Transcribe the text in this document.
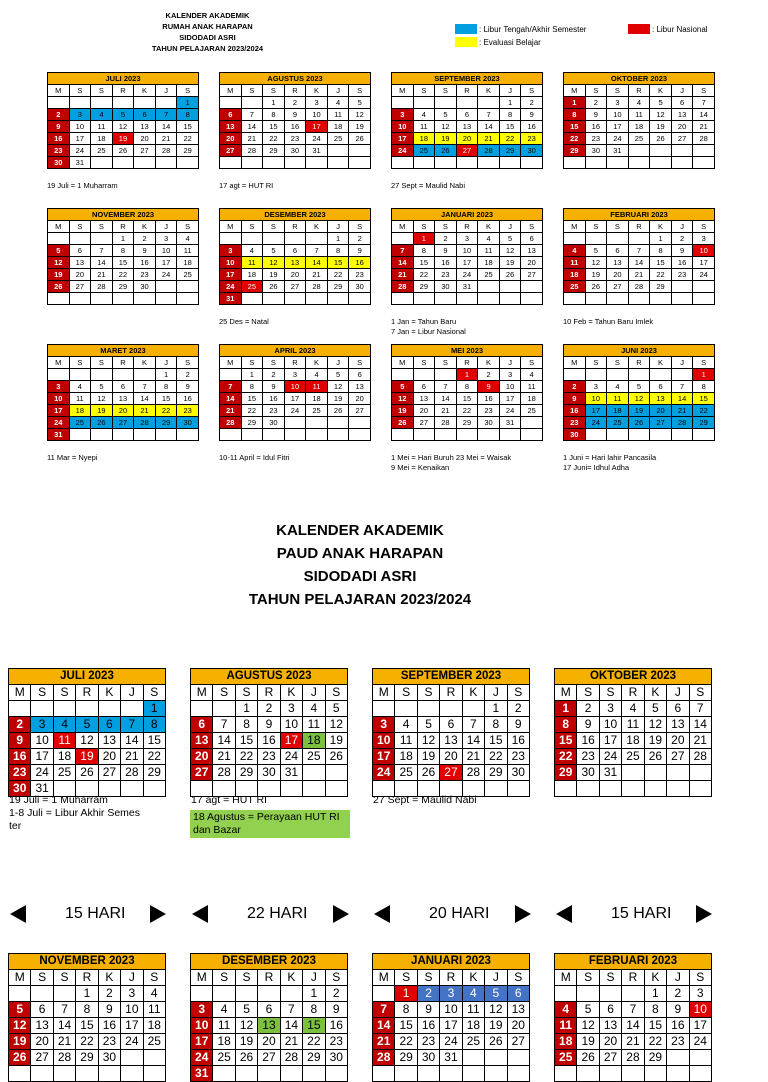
KALENDER AKADEMIK
RUMAH ANAK HARAPAN
SIDODADI ASRI
TAHUN PELAJARAN 2023/2024
: Libur Tengah/Akhir Semester
: Evaluasi Belajar
: Libur Nasional
JULI 2023						
M	S	S	R	K	J	S
						1
2	3	4	5	6	7	8
9	10	11	12	13	14	15
16	17	18	19	20	21	22
23	24	25	26	27	28	29
30	31					
19 Juli = 1 Muharram
AGUSTUS 2023						
M	S	S	R	K	J	S
		1	2	3	4	5
6	7	8	9	10	11	12
13	14	15	16	17	18	19
20	21	22	23	24	25	26
27	28	29	30	31		

17 agt = HUT RI
SEPTEMBER 2023						
M	S	S	R	K	J	S
					1	2
3	4	5	6	7	8	9
10	11	12	13	14	15	16
17	18	19	20	21	22	23
24	25	26	27	28	29	30

27 Sept = Maulid Nabi
OKTOBER 2023						
M	S	S	R	K	J	S
1	2	3	4	5	6	7
8	9	10	11	12	13	14
15	16	17	18	19	20	21
22	23	24	25	26	27	28
29	30	31				

NOVEMBER 2023						
M	S	S	R	K	J	S
			1	2	3	4
5	6	7	8	9	10	11
12	13	14	15	16	17	18
19	20	21	22	23	24	25
26	27	28	29	30		

DESEMBER 2023						
M	S	S	R	K	J	S
					1	2
3	4	5	6	7	8	9
10	11	12	13	14	15	16
17	18	19	20	21	22	23
24	25	26	27	28	29	30
31						
25 Des = Natal
JANUARI 2023						
M	S	S	R	K	J	S
	1	2	3	4	5	6
7	8	9	10	11	12	13
14	15	16	17	18	19	20
21	22	23	24	25	26	27
28	29	30	31			

1 Jan = Tahun Baru
7 Jan = Libur Nasional
FEBRUARI 2023						
M	S	S	R	K	J	S
				1	2	3
4	5	6	7	8	9	10
11	12	13	14	15	16	17
18	19	20	21	22	23	24
25	26	27	28	29		

10 Feb = Tahun Baru Imlek
MARET 2023						
M	S	S	R	K	J	S
					1	2
3	4	5	6	7	8	9
10	11	12	13	14	15	16
17	18	19	20	21	22	23
24	25	26	27	28	29	30
31						
11 Mar = Nyepi
APRIL 2023						
M	S	S	R	K	J	S
	1	2	3	4	5	6
7	8	9	10	11	12	13
14	15	16	17	18	19	20
21	22	23	24	25	26	27
28	29	30				

10-11 April = Idul Fitri
MEI 2023						
M	S	S	R	K	J	S
			1	2	3	4
5	6	7	8	9	10	11
12	13	14	15	16	17	18
19	20	21	22	23	24	25
26	27	28	29	30	31	

1 Mei = Hari Buruh 23 Mei = Waisak
9 Mei = Kenaikan
JUNI 2023						
M	S	S	R	K	J	S
						1
2	3	4	5	6	7	8
9	10	11	12	13	14	15
16	17	18	19	20	21	22
23	24	25	26	27	28	29
30						
1 Juni = Hari lahir Pancasila
17 Juni= Idhul Adha
KALENDER AKADEMIK
PAUD ANAK HARAPAN
SIDODADI ASRI
TAHUN PELAJARAN 2023/2024
JULI 2023						
M	S	S	R	K	J	S
						1
2	3	4	5	6	7	8
9	10	11	12	13	14	15
16	17	18	19	20	21	22
23	24	25	26	27	28	29
30	31					
AGUSTUS 2023						
M	S	S	R	K	J	S
		1	2	3	4	5
6	7	8	9	10	11	12
13	14	15	16	17	18	19
20	21	22	23	24	25	26
27	28	29	30	31		

SEPTEMBER 2023						
M	S	S	R	K	J	S
					1	2
3	4	5	6	7	8	9
10	11	12	13	14	15	16
17	18	19	20	21	22	23
24	25	26	27	28	29	30

OKTOBER 2023						
M	S	S	R	K	J	S
1	2	3	4	5	6	7
8	9	10	11	12	13	14
15	16	17	18	19	20	21
22	23	24	25	26	27	28
29	30	31				

NOVEMBER 2023						
M	S	S	R	K	J	S
			1	2	3	4
5	6	7	8	9	10	11
12	13	14	15	16	17	18
19	20	21	22	23	24	25
26	27	28	29	30		

DESEMBER 2023						
M	S	S	R	K	J	S
					1	2
3	4	5	6	7	8	9
10	11	12	13	14	15	16
17	18	19	20	21	22	23
24	25	26	27	28	29	30
31						
JANUARI 2023						
M	S	S	R	K	J	S
	1	2	3	4	5	6
7	8	9	10	11	12	13
14	15	16	17	18	19	20
21	22	23	24	25	26	27
28	29	30	31			

FEBRUARI 2023						
M	S	S	R	K	J	S
				1	2	3
4	5	6	7	8	9	10
11	12	13	14	15	16	17
18	19	20	21	22	23	24
25	26	27	28	29		

19 Juli = 1 Muharram
1-8 Juli = Libur Akhir Semes
ter
17 agt = HUT RI
18 Agustus = Perayaan HUT RI dan Bazar
27 Sept = Maulid Nabi
15 HARI	22 HARI	20 HARI	15 HARI
